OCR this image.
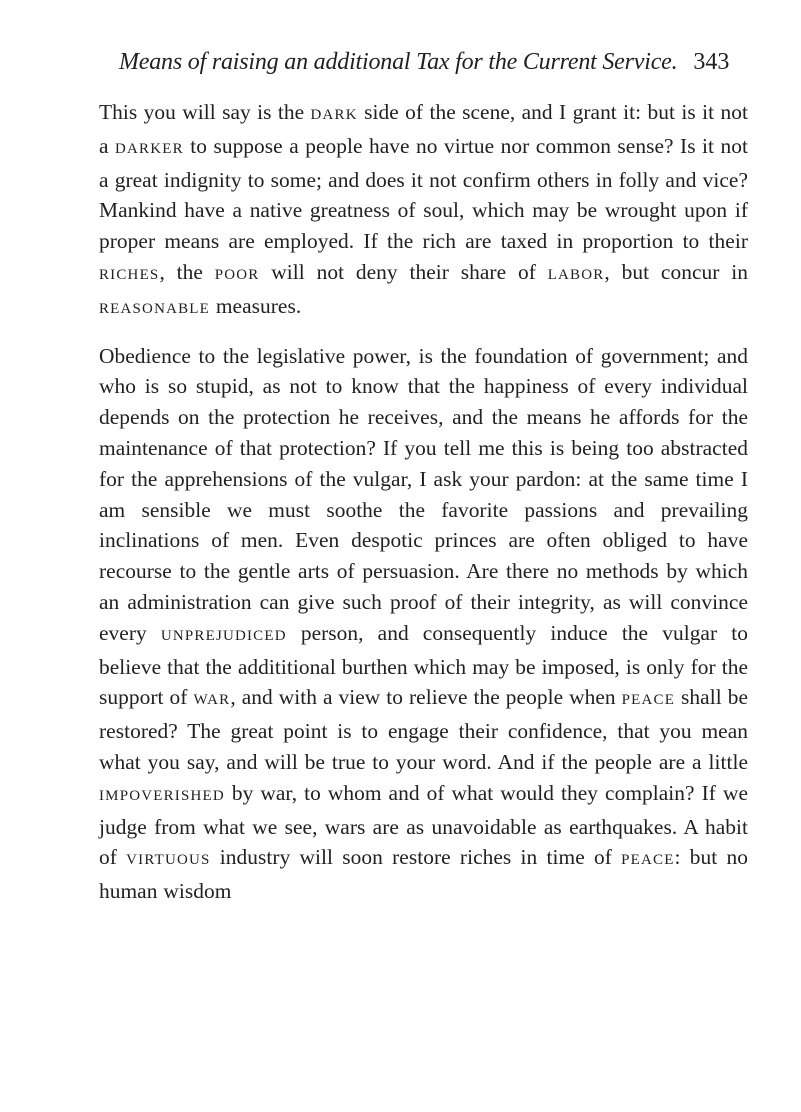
Means of raising an additional Tax for the Current Service. 343

This you will say is the DARK side of the scene, and I grant it: but is it not a DARKER to suppose a people have no virtue nor common sense? Is it not a great indignity to some; and does it not confirm others in folly and vice? Mankind have a native greatness of soul, which may be wrought upon if proper means are employed. If the rich are taxed in proportion to their RICHES, the POOR will not deny their share of LABOR, but concur in REASONABLE measures.

Obedience to the legislative power, is the foundation of government; and who is so stupid, as not to know that the happiness of every individual depends on the protection he receives, and the means he affords for the maintenance of that protection? If you tell me this is being too abstracted for the apprehensions of the vulgar, I ask your pardon: at the same time I am sensible we must soothe the favorite passions and prevailing inclinations of men. Even despotic princes are often obliged to have recourse to the gentle arts of persuasion. Are there no methods by which an administration can give such proof of their integrity, as will convince every UNPREJUDICED person, and consequently induce the vulgar to believe that the addititional burthen which may be imposed, is only for the support of WAR, and with a view to relieve the people when PEACE shall be restored? The great point is to engage their confidence, that you mean what you say, and will be true to your word. And if the people are a little IMPOVERISHED by war, to whom and of what would they complain? If we judge from what we see, wars are as unavoidable as earthquakes. A habit of VIRTUOUS industry will soon restore riches in time of PEACE: but no human wisdom
